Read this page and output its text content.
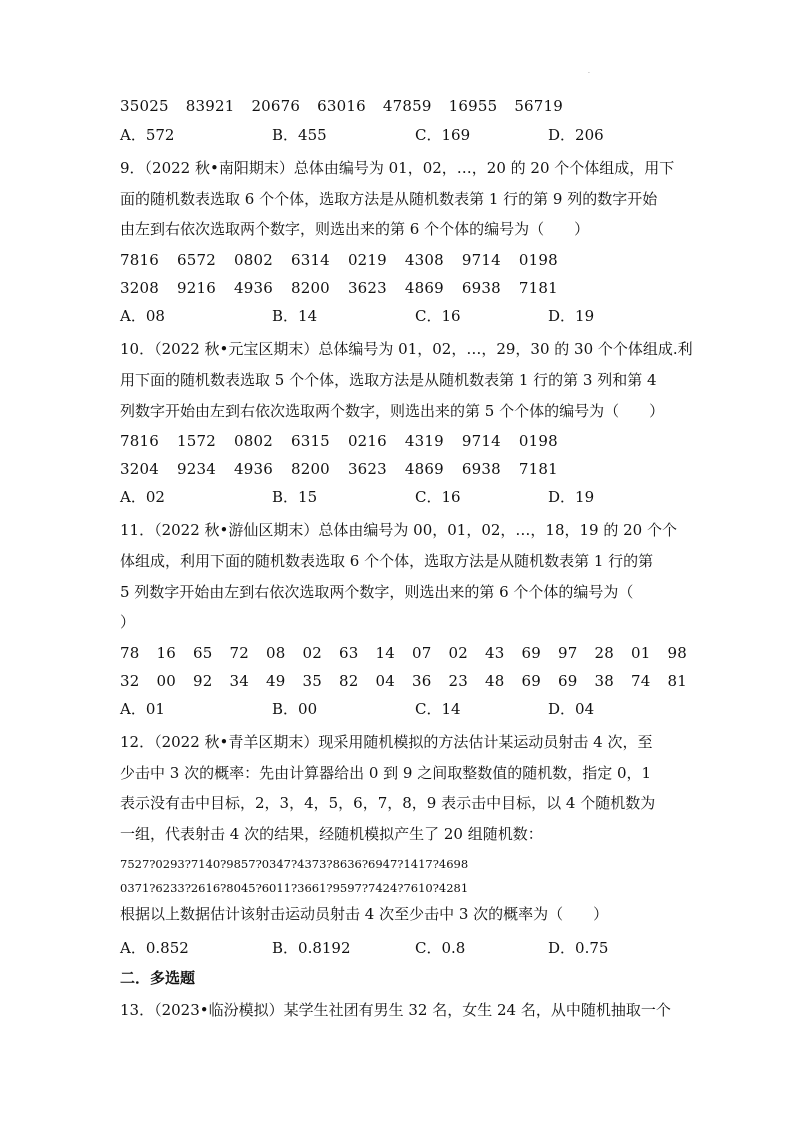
·
35025 83921 20676 63016 47859 16955 56719
A．572	B．455	C．169	D．206
9．（2022 秋•南阳期末）总体由编号为 01，02，…，20 的 20 个个体组成，用下
面的随机数表选取 6 个个体，选取方法是从随机数表第 1 行的第 9 列的数字开始
由左到右依次选取两个数字，则选出来的第 6 个个体的编号为（　　）
7816 6572 0802 6314 0219 4308 9714 0198
3208 9216 4936 8200 3623 4869 6938 7181
A．08	B．14	C．16	D．19
10．（2022 秋•元宝区期末）总体编号为 01，02，…，29，30 的 30 个个体组成.利
用下面的随机数表选取 5 个个体，选取方法是从随机数表第 1 行的第 3 列和第 4
列数字开始由左到右依次选取两个数字，则选出来的第 5 个个体的编号为（　　）
7816 1572 0802 6315 0216 4319 9714 0198
3204 9234 4936 8200 3623 4869 6938 7181
A．02	B．15	C．16	D．19
11．（2022 秋•游仙区期末）总体由编号为 00，01，02，…，18，19 的 20 个个
体组成，利用下面的随机数表选取 6 个个体，选取方法是从随机数表第 1 行的第
5 列数字开始由左到右依次选取两个数字，则选出来的第 6 个个体的编号为（
）
78 16 65 72 08 02 63 14 07 02 43 69 97 28 01 98
32 00 92 34 49 35 82 04 36 23 48 69 69 38 74 81
A．01	B．00	C．14	D．04
12．（2022 秋•青羊区期末）现采用随机模拟的方法估计某运动员射击 4 次，至
少击中 3 次的概率：先由计算器给出 0 到 9 之间取整数值的随机数，指定 0，1
表示没有击中目标，2，3，4，5，6，7，8，9 表示击中目标，以 4 个随机数为
一组，代表射击 4 次的结果，经随机模拟产生了 20 组随机数：
7527?0293?7140?9857?0347?4373?8636?6947?1417?4698
0371?6233?2616?8045?6011?3661?9597?7424?7610?4281
根据以上数据估计该射击运动员射击 4 次至少击中 3 次的概率为（　　）
A．0.852	B．0.8192	C．0.8	D．0.75
二．多选题
13．（2023•临汾模拟）某学生社团有男生 32 名，女生 24 名，从中随机抽取一个
